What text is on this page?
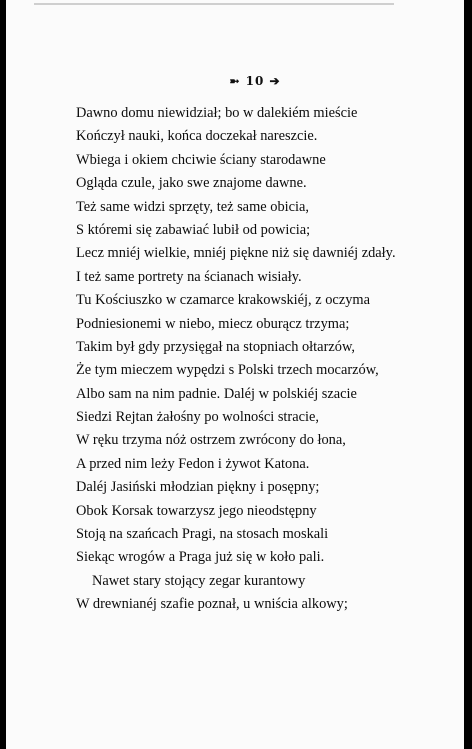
➼ 10 ➔
Dawno domu niewidział; bo w dalekiém mieście
Kończył nauki, końca doczekał nareszcie.
Wbiega i okiem chciwie ściany starodawne
Ogląda czule, jako swe znajome dawne.
Też same widzi sprzęty, też same obicia,
S któremi się zabawiać lubił od powicia;
Lecz mniéj wielkie, mniéj piękne niż się dawniéj zdały.
I też same portrety na ścianach wisiały.
Tu Kościuszko w czamarce krakowskiéj, z oczyma
Podniesionemi w niebo, miecz oburącz trzyma;
Takim był gdy przysięgał na stopniach ołtarzów,
Że tym mieczem wypędzi s Polski trzech mocarzów,
Albo sam na nim padnie. Daléj w polskiéj szacie
Siedzi Rejtan żałośny po wolności stracie,
W ręku trzyma nóż ostrzem zwrócony do łona,
A przed nim leży Fedon i żywot Katona.
Daléj Jasiński młodzian piękny i posępny;
Obok Korsak towarzysz jego nieodstępny
Stoją na szańcach Pragi, na stosach moskali
Siekąc wrogów a Praga już się w koło pali.
Nawet stary stojący zegar kurantowy
W drewnianéj szafie poznał, u wniścia alkowy;
